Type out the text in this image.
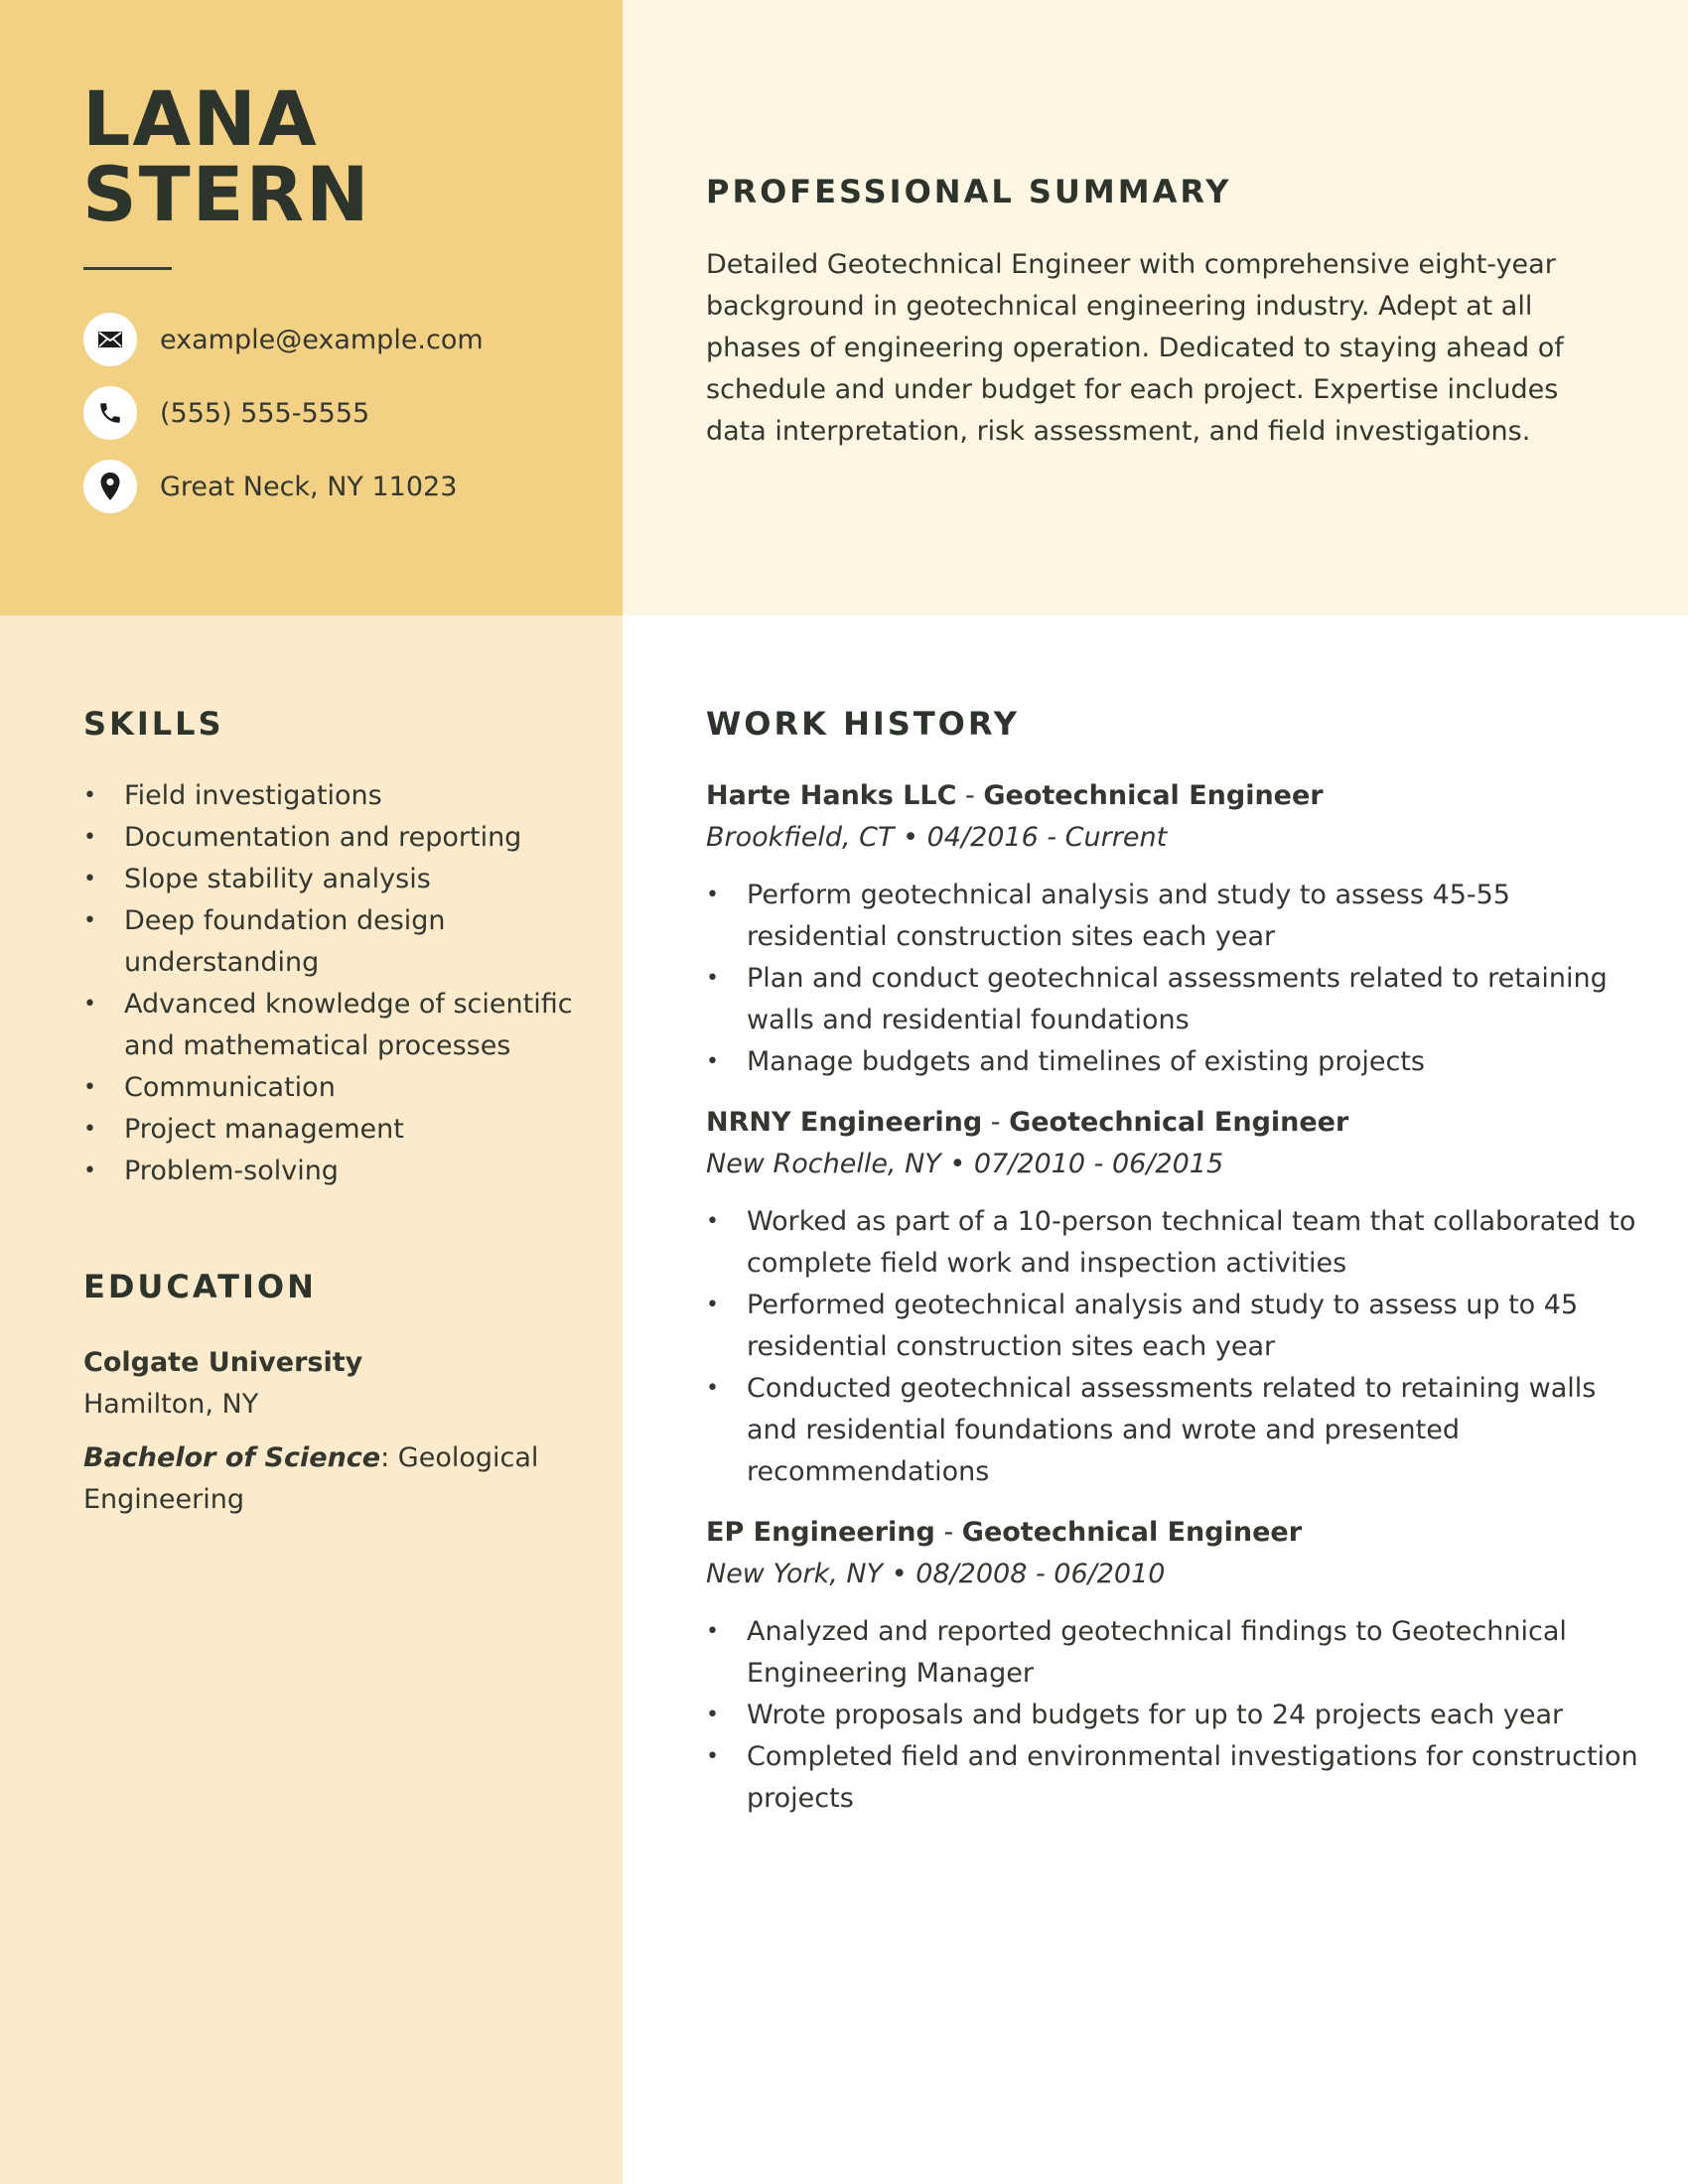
LANA
STERN
example@example.com
(555) 555-5555
Great Neck, NY 11023
PROFESSIONAL SUMMARY
Detailed Geotechnical Engineer with comprehensive eight-year background in geotechnical engineering industry. Adept at all phases of engineering operation. Dedicated to staying ahead of schedule and under budget for each project. Expertise includes data interpretation, risk assessment, and field investigations.
SKILLS
• Field investigations
• Documentation and reporting
• Slope stability analysis
• Deep foundation design understanding
• Advanced knowledge of scientific and mathematical processes
• Communication
• Project management
• Problem-solving
EDUCATION
Colgate University
Hamilton, NY
Bachelor of Science: Geological Engineering
WORK HISTORY
Harte Hanks LLC - Geotechnical Engineer
Brookfield, CT • 04/2016 - Current
• Perform geotechnical analysis and study to assess 45-55 residential construction sites each year
• Plan and conduct geotechnical assessments related to retaining walls and residential foundations
• Manage budgets and timelines of existing projects
NRNY Engineering - Geotechnical Engineer
New Rochelle, NY • 07/2010 - 06/2015
• Worked as part of a 10-person technical team that collaborated to complete field work and inspection activities
• Performed geotechnical analysis and study to assess up to 45 residential construction sites each year
• Conducted geotechnical assessments related to retaining walls and residential foundations and wrote and presented recommendations
EP Engineering - Geotechnical Engineer
New York, NY • 08/2008 - 06/2010
• Analyzed and reported geotechnical findings to Geotechnical Engineering Manager
• Wrote proposals and budgets for up to 24 projects each year
• Completed field and environmental investigations for construction projects
